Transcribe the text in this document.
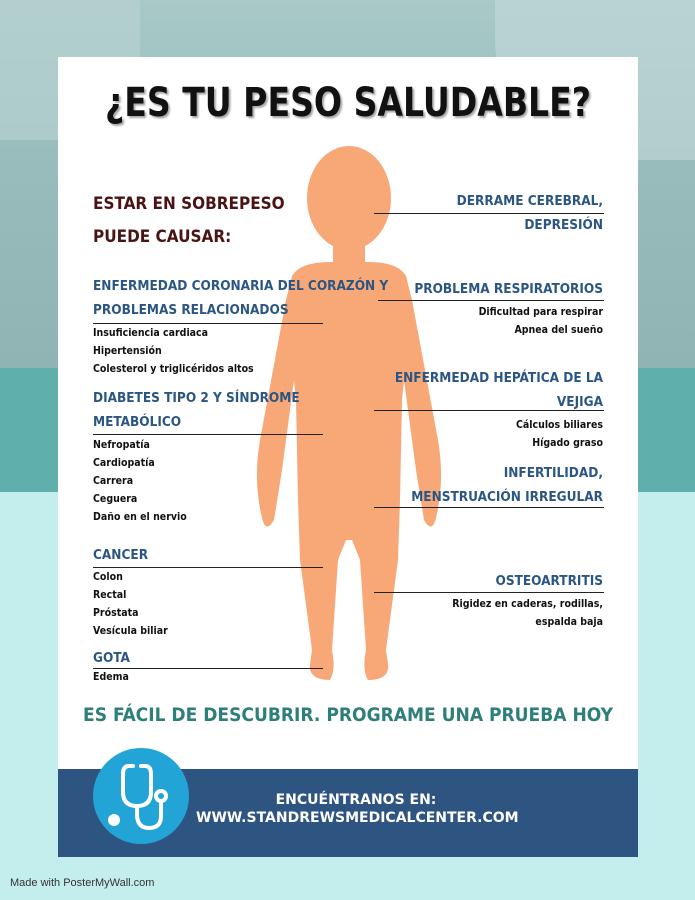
¿ES TU PESO SALUDABLE?
ESTAR EN SOBREPESO
PUEDE CAUSAR:
ENFERMEDAD CORONARIA DEL CORAZÓN Y
PROBLEMAS RELACIONADOS
Insuficiencia cardiaca
Hipertensión
Colesterol y triglicéridos altos
DIABETES TIPO 2 Y SÍNDROME
METABÓLICO
Nefropatía
Cardiopatía
Carrera
Ceguera
Daño en el nervio
CANCER
Colon
Rectal
Próstata
Vesícula biliar
GOTA
Edema
DERRAME CEREBRAL,
DEPRESIÓN
PROBLEMA RESPIRATORIOS
Dificultad para respirar
Apnea del sueño
ENFERMEDAD HEPÁTICA DE LA
VEJIGA
Cálculos biliares
Hígado graso
INFERTILIDAD,
MENSTRUACIÓN IRREGULAR
OSTEOARTRITIS
Rigidez en caderas, rodillas,
espalda baja
ES FÁCIL DE DESCUBRIR. PROGRAME UNA PRUEBA HOY
ENCUÉNTRANOS EN:
WWW.STANDREWSMEDICALCENTER.COM
Made with PosterMyWall.com
